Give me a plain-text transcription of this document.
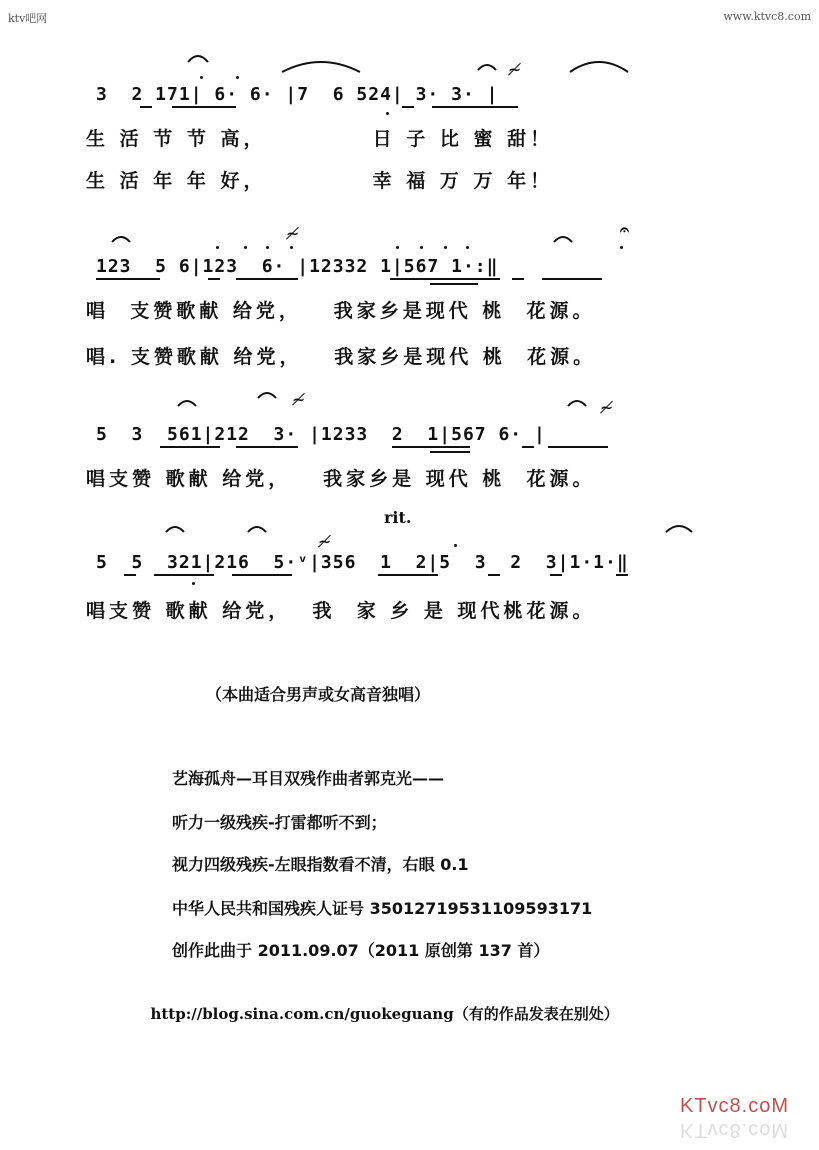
ktv吧网	www.ktvc8.com
≁
3  2 171| 6· 6· |7  6 524| 3· 3· |
生 活 节 节 高，          日 子 比 蜜 甜！
生 活 年 年 好，          幸 福 万 万 年！
𝄐
≁
123  5 6|123  6· |12332 1|567 1·:‖
唱  支赞歌献 给党，   我家乡是现代 桃  花源。
唱. 支赞歌献 给党，   我家乡是现代 桃  花源。
≁	≁
5  3  561|212  3· |1233  2  1|567 6· |
唱支赞 歌献 给党，   我家乡是 现代 桃  花源。
rit.
≁
5  5  321|216  5·ᵛ|356  1  2|5  3  2  3|1·1·‖
唱支赞 歌献 给党，  我  家 乡 是 现代桃花源。
（本曲适合男声或女高音独唱）
艺海孤舟—耳目双残作曲者郭克光——
听力一级残疾-打雷都听不到；
视力四级残疾-左眼指数看不清，右眼 0.1
中华人民共和国残疾人证号 35012719531109593171
创作此曲于 2011.09.07（2011 原创第 137 首）

http://blog.sina.com.cn/guokeguang（有的作品发表在别处）

KTvc8.coM
KTvc8.coM
